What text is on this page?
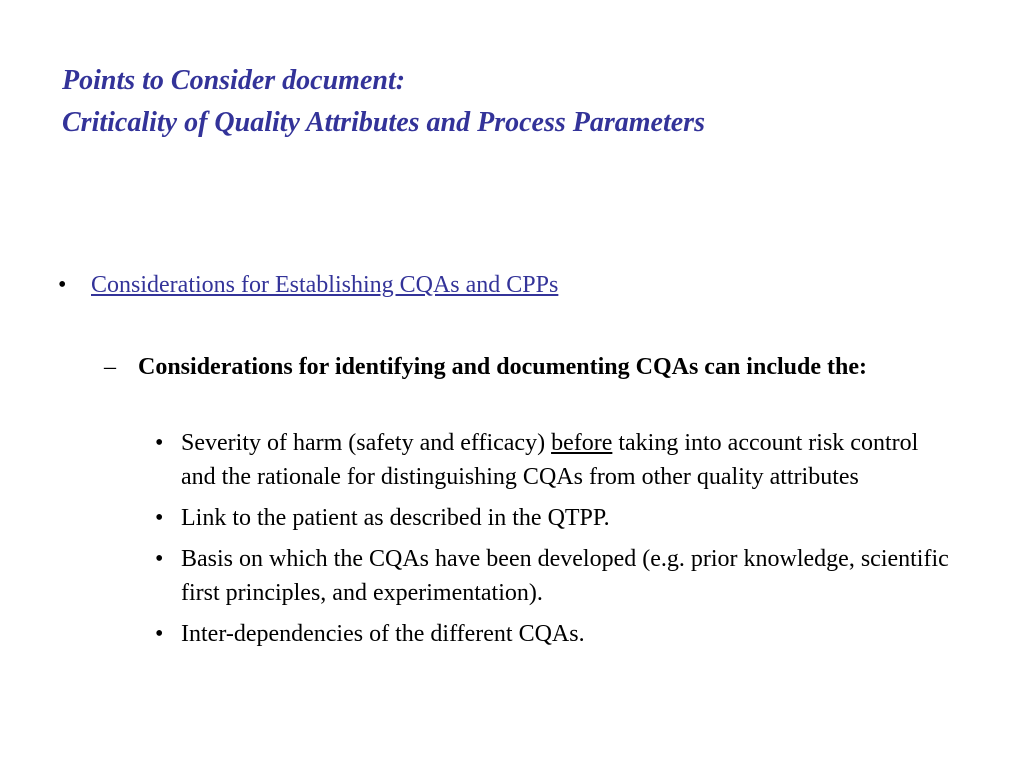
Points to Consider document:
Criticality of Quality Attributes and Process Parameters
•	Considerations for Establishing CQAs and CPPs
– Considerations for identifying and documenting CQAs can include the:
• Severity of harm (safety and efficacy) before taking into account risk control and the rationale for distinguishing CQAs from other quality attributes
• Link to the patient as described in the QTPP.
• Basis on which the CQAs have been developed (e.g. prior knowledge, scientific first principles, and experimentation).
• Inter-dependencies of the different CQAs.
